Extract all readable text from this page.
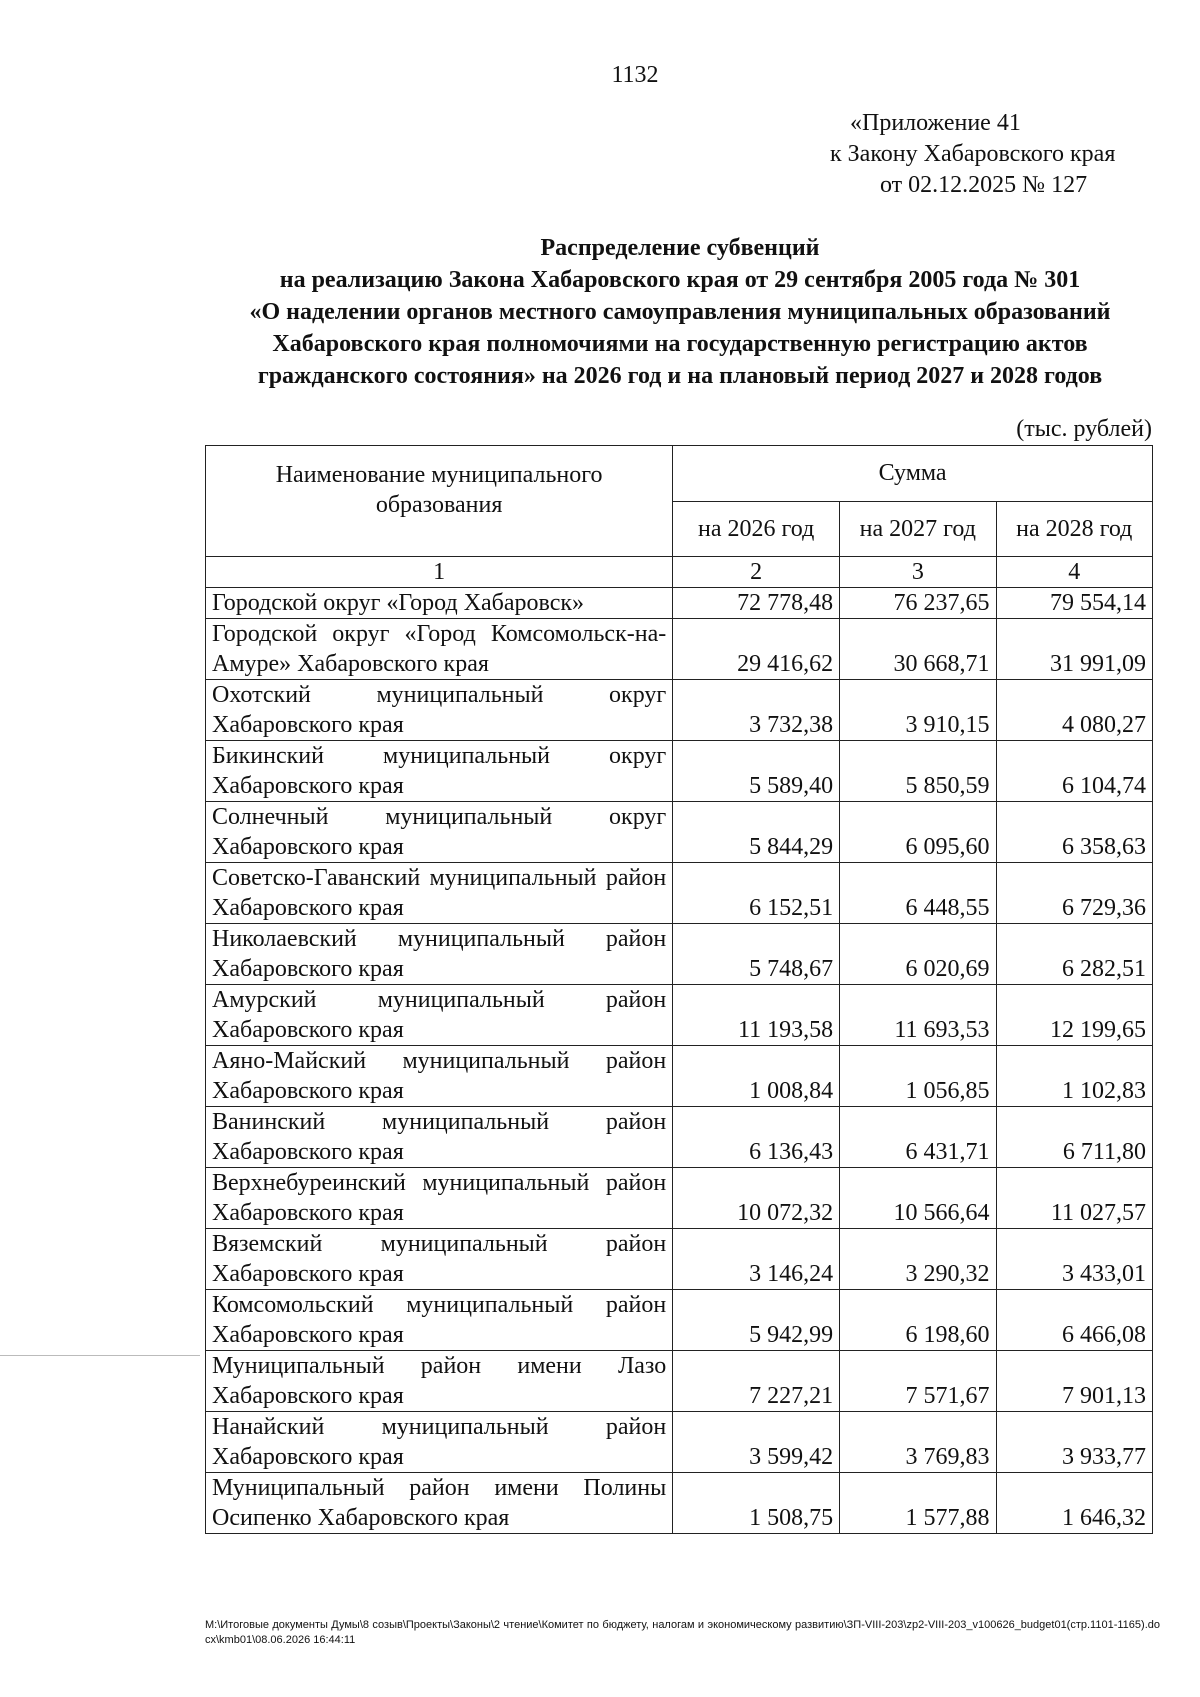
1132
«Приложение 41
к Закону Хабаровского края
от 02.12.2025 № 127
Распределение субвенций
на реализацию Закона Хабаровского края от 29 сентября 2005 года № 301
«О наделении органов местного самоуправления муниципальных образований
Хабаровского края полномочиями на государственную регистрацию актов
гражданского состояния» на 2026 год и на плановый период 2027 и 2028 годов
(тыс. рублей)
Наименование муниципального образования	Сумма		
	на 2026 год	на 2027 год	на 2028 год
1	2	3	4
Городской округ «Город Хабаровск»	72 778,48	76 237,65	79 554,14
Городской округ «Город Комсомольск-на-Амуре» Хабаровского края	29 416,62	30 668,71	31 991,09
Охотский муниципальный округ Хабаровского края	3 732,38	3 910,15	4 080,27
Бикинский муниципальный округ Хабаровского края	5 589,40	5 850,59	6 104,74
Солнечный муниципальный округ Хабаровского края	5 844,29	6 095,60	6 358,63
Советско-Гаванский муниципальный район Хабаровского края	6 152,51	6 448,55	6 729,36
Николаевский муниципальный район Хабаровского края	5 748,67	6 020,69	6 282,51
Амурский муниципальный район Хабаровского края	11 193,58	11 693,53	12 199,65
Аяно-Майский муниципальный район Хабаровского края	1 008,84	1 056,85	1 102,83
Ванинский муниципальный район Хабаровского края	6 136,43	6 431,71	6 711,80
Верхнебуреинский муниципальный район Хабаровского края	10 072,32	10 566,64	11 027,57
Вяземский муниципальный район Хабаровского края	3 146,24	3 290,32	3 433,01
Комсомольский муниципальный район Хабаровского края	5 942,99	6 198,60	6 466,08
Муниципальный район имени Лазо Хабаровского края	7 227,21	7 571,67	7 901,13
Нанайский муниципальный район Хабаровского края	3 599,42	3 769,83	3 933,77
Муниципальный район имени Полины Осипенко Хабаровского края	1 508,75	1 577,88	1 646,32
M:\Итоговые документы Думы\8 созыв\Проекты\Законы\2 чтение\Комитет по бюджету, налогам и экономическому развитию\ЗП-VIII-203\zp2-VIII-203_v100626_budget01(стр.1101-1165).docx\kmb01\08.06.2026 16:44:11
